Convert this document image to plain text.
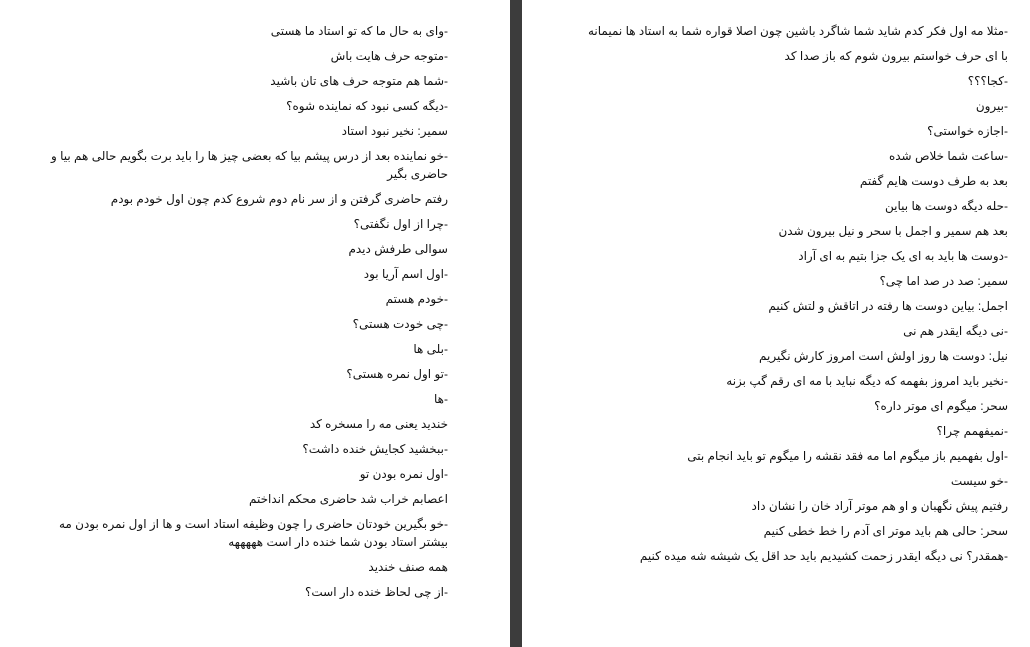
-وای به حال ما که تو استاد ما هستی

-متوجه حرف هایت باش

-شما هم متوجه حرف های تان باشید

-دیگه کسی نبود که نماینده شوه؟

سمیر: نخیر نبود استاد

-خو نماینده بعد از درس پیشم بیا که بعضی چیز ها را باید برت بگویم حالی هم بیا و حاضری بگیر

رفتم حاضری گرفتن و از سر نام دوم شروع کدم چون اول خودم بودم

-چرا از اول نگفتی؟

سوالی طرفش دیدم

-اول اسم آریا بود

-خودم هستم

-چی خودت هستی؟

-بلی ها

-تو اول نمره هستی؟

-ها

خندید یعنی مه را مسخره کد

-ببخشید کجایش خنده داشت؟

-اول نمره بودن تو

اعصابم خراب شد حاضری محکم انداختم

-خو بگیرین خودتان حاضری را چون وظیفه استاد است و ها از اول نمره بودن مه بیشتر استاد بودن شما خنده دار است هههههه

همه صنف خندید

-از چی لحاظ خنده دار است؟

-مثلا مه اول فکر کدم شاید شما شاگرد باشین چون اصلا قواره شما به استاد ها نمیمانه

با ای حرف خواستم بیرون شوم که باز صدا کد

-کجا؟؟؟

-بیرون

-اجازه خواستی؟

-ساعت شما خلاص شده

بعد به طرف دوست هایم گفتم

-حله دیگه دوست ها بیاین

بعد هم سمیر و اجمل با سحر و نیل بیرون شدن

-دوست ها باید به ای یک جزا بتیم به ای آراد

سمیر: صد در صد اما چی؟

اجمل: بیاین دوست ها رفته در اتاقش و لتش کنیم

-نی دیگه ایقدر هم نی

نیل: دوست ها روز اولش است امروز کارش نگیریم

-نخیر باید امروز بفهمه که دیگه نباید با مه ای رقم گپ بزنه

سحر: میگوم ای موتر داره؟

-نمیفهمم چرا؟

-اول بفهمیم باز میگوم اما مه فقد نقشه را میگوم تو باید انجام بتی

-خو سیست

رفتیم پیش نگهبان و او هم موتر آراد خان را نشان داد

سحر: حالی هم باید موتر ای آدم را خط خطی کنیم

-همقدر؟ نی دیگه ایقدر زحمت کشیدیم باید حد اقل یک شیشه شه میده کنیم
